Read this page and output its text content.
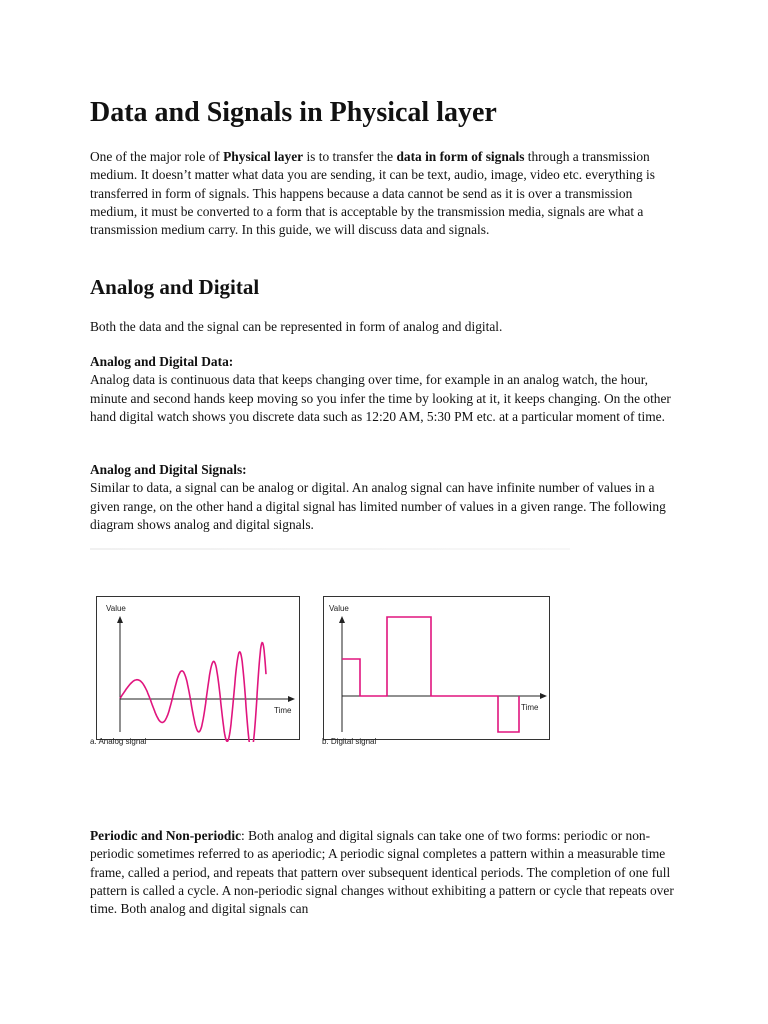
Data and Signals in Physical layer

One of the major role of Physical layer is to transfer the data in form of signals through a transmission medium. It doesn’t matter what data you are sending, it can be text, audio, image, video etc. everything is transferred in form of signals. This happens because a data cannot be send as it is over a transmission medium, it must be converted to a form that is acceptable by the transmission media, signals are what a transmission medium carry. In this guide, we will discuss data and signals.

Analog and Digital

Both the data and the signal can be represented in form of analog and digital.

Analog and Digital Data:
Analog data is continuous data that keeps changing over time, for example in an analog watch, the hour, minute and second hands keep moving so you infer the time by looking at it, it keeps changing. On the other hand digital watch shows you discrete data such as 12:20 AM, 5:30 PM etc. at a particular moment of time.

Analog and Digital Signals:
Similar to data, a signal can be analog or digital. An analog signal can have infinite number of values in a given range, on the other hand a digital signal has limited number of values in a given range. The following diagram shows analog and digital signals.

Value
Time
a. Analog signal
Value
Time
b. Digital signal

Periodic and Non-periodic: Both analog and digital signals can take one of two forms: periodic or non-periodic sometimes referred to as aperiodic; A periodic signal completes a pattern within a measurable time frame, called a period, and repeats that pattern over subsequent identical periods. The completion of one full pattern is called a cycle. A non-periodic signal changes without exhibiting a pattern or cycle that repeats over time. Both analog and digital signals can
